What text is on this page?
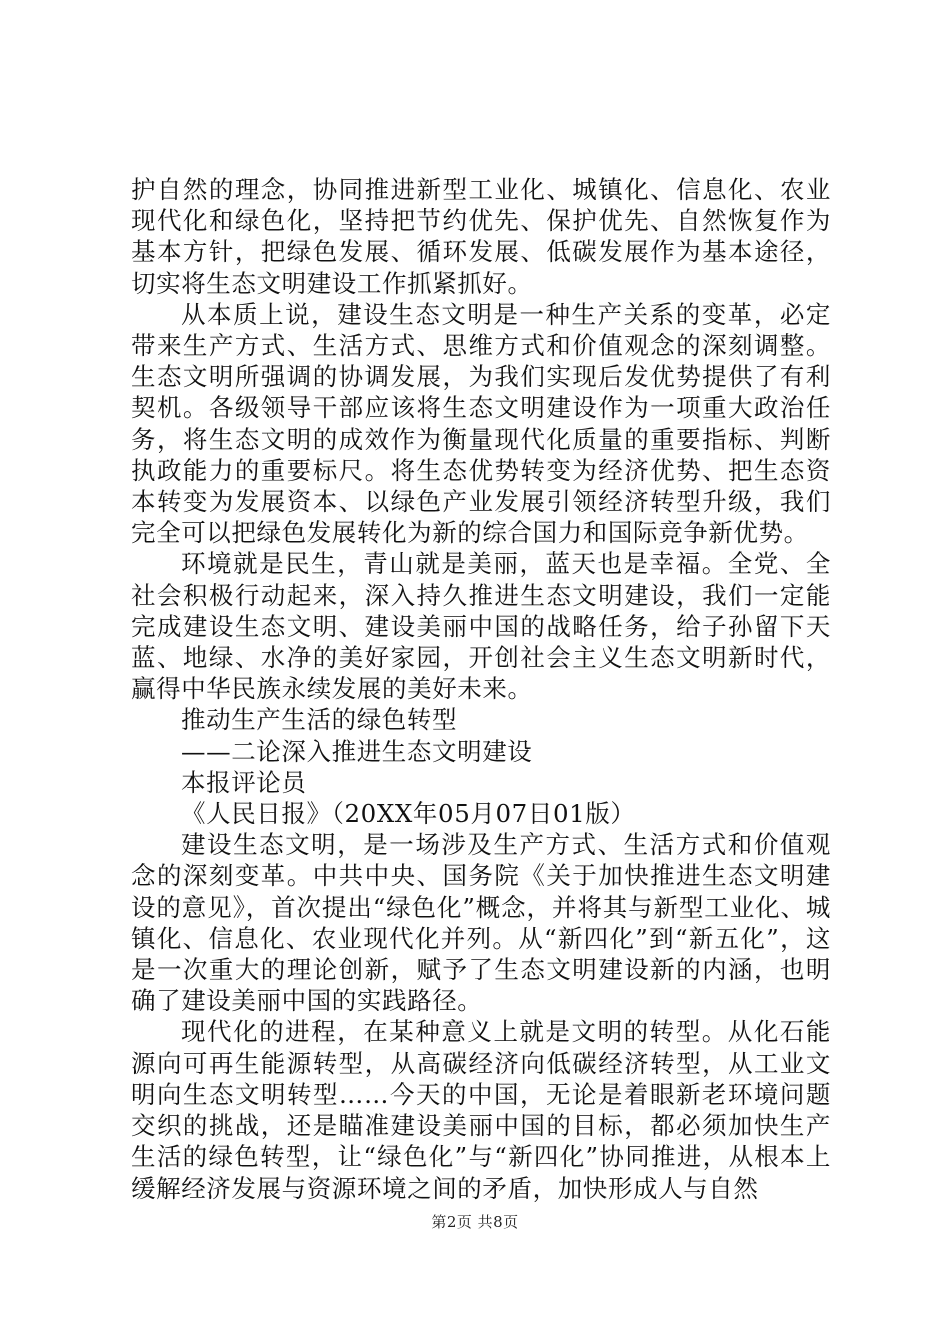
护自然的理念，协同推进新型工业化、城镇化、信息化、农业现代化和绿色化，坚持把节约优先、保护优先、自然恢复作为基本方针，把绿色发展、循环发展、低碳发展作为基本途径，切实将生态文明建设工作抓紧抓好。

从本质上说，建设生态文明是一种生产关系的变革，必定带来生产方式、生活方式、思维方式和价值观念的深刻调整。生态文明所强调的协调发展，为我们实现后发优势提供了有利契机。各级领导干部应该将生态文明建设作为一项重大政治任务，将生态文明的成效作为衡量现代化质量的重要指标、判断执政能力的重要标尺。将生态优势转变为经济优势、把生态资本转变为发展资本、以绿色产业发展引领经济转型升级，我们完全可以把绿色发展转化为新的综合国力和国际竞争新优势。

环境就是民生，青山就是美丽，蓝天也是幸福。全党、全社会积极行动起来，深入持久推进生态文明建设，我们一定能完成建设生态文明、建设美丽中国的战略任务，给子孙留下天蓝、地绿、水净的美好家园，开创社会主义生态文明新时代，赢得中华民族永续发展的美好未来。

推动生产生活的绿色转型

——二论深入推进生态文明建设

本报评论员

《人民日报》（20XX年05月07日01版）

建设生态文明，是一场涉及生产方式、生活方式和价值观念的深刻变革。中共中央、国务院《关于加快推进生态文明建设的意见》，首次提出“绿色化”概念，并将其与新型工业化、城镇化、信息化、农业现代化并列。从“新四化”到“新五化”，这是一次重大的理论创新，赋予了生态文明建设新的内涵，也明确了建设美丽中国的实践路径。

现代化的进程，在某种意义上就是文明的转型。从化石能源向可再生能源转型，从高碳经济向低碳经济转型，从工业文明向生态文明转型……今天的中国，无论是着眼新老环境问题交织的挑战，还是瞄准建设美丽中国的目标，都必须加快生产生活的绿色转型，让“绿色化”与“新四化”协同推进，从根本上缓解经济发展与资源环境之间的矛盾，加快形成人与自然

第2页 共8页
